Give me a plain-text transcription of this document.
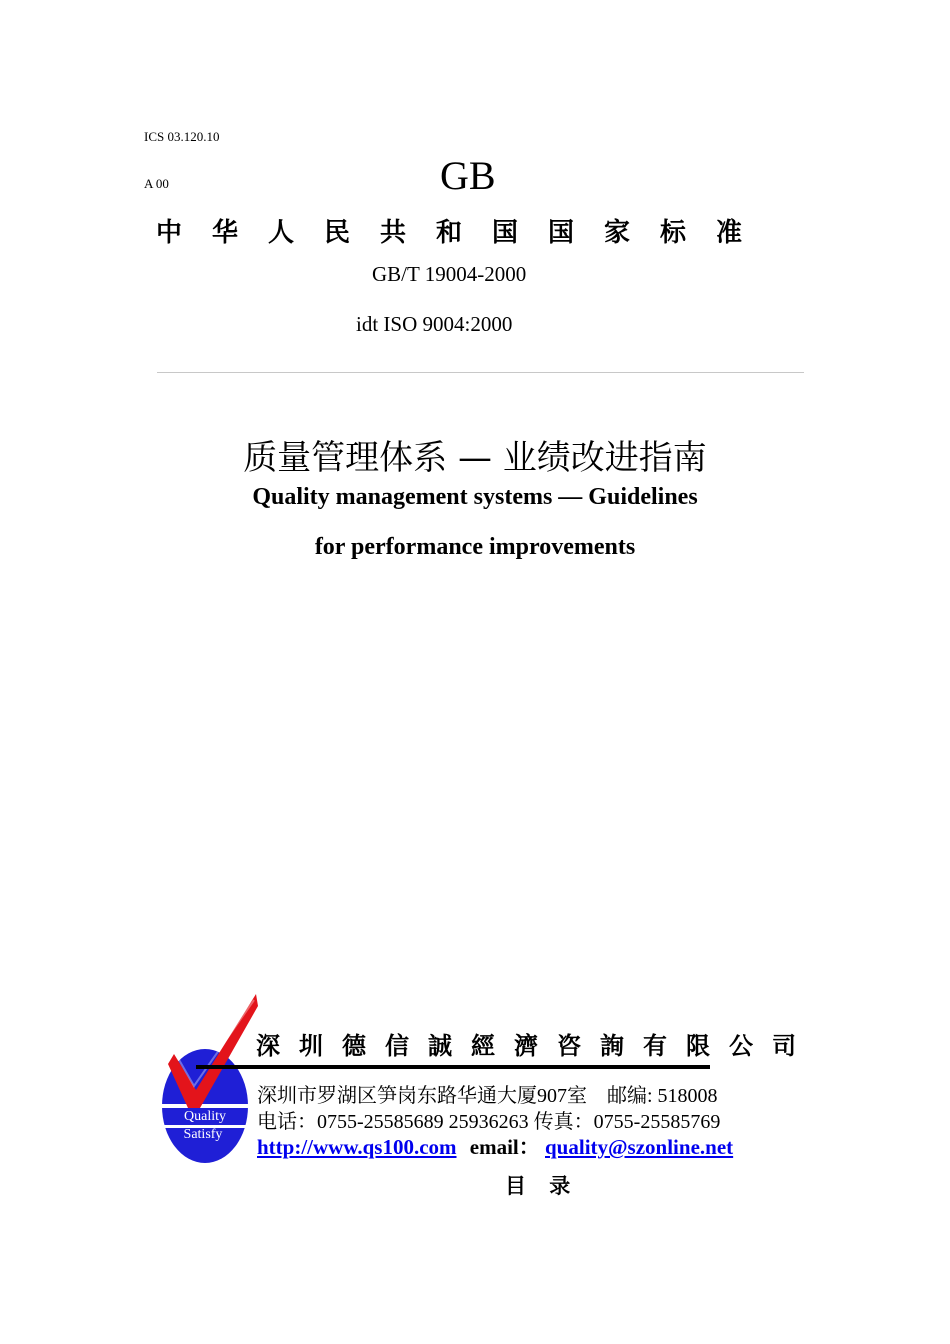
ICS 03.120.10
A 00	GB
中华人民共和国国家标准
GB/T 19004-2000
idt ISO 9004:2000
质量管理体系 — 业绩改进指南
Quality management systems — Guidelines
for performance improvements
Quality
Satisfy
深圳德信誠經濟咨詢有限公司
深圳市罗湖区笋岗东路华通大厦907室　邮编: 518008
电话：0755-25585689 25936263 传真：0755-25585769
http://www.qs100.com email： quality@szonline.net
目 录
